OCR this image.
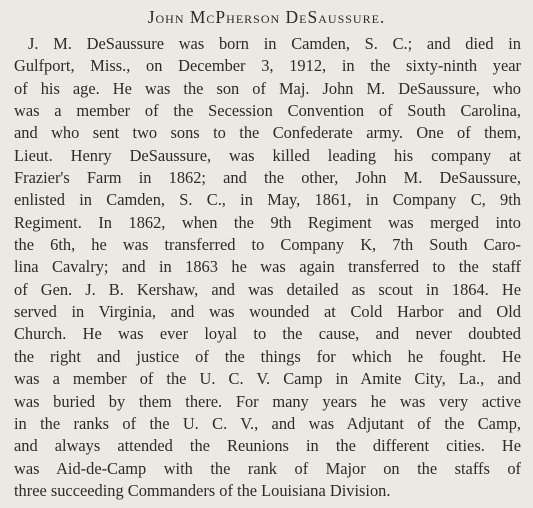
John McPherson DeSaussure.
J. M. DeSaussure was born in Camden, S. C.; and died in
Gulfport, Miss., on December 3, 1912, in the sixty-ninth year
of his age. He was the son of Maj. John M. DeSaussure, who
was a member of the Secession Convention of South Carolina,
and who sent two sons to the Confederate army. One of them,
Lieut. Henry DeSaussure, was killed leading his company at
Frazier's Farm in 1862; and the other, John M. DeSaussure,
enlisted in Camden, S. C., in May, 1861, in Company C, 9th
Regiment. In 1862, when the 9th Regiment was merged into
the 6th, he was transferred to Company K, 7th South Caro-
lina Cavalry; and in 1863 he was again transferred to the staff
of Gen. J. B. Kershaw, and was detailed as scout in 1864. He
served in Virginia, and was wounded at Cold Harbor and Old
Church. He was ever loyal to the cause, and never doubted
the right and justice of the things for which he fought. He
was a member of the U. C. V. Camp in Amite City, La., and
was buried by them there. For many years he was very active
in the ranks of the U. C. V., and was Adjutant of the Camp,
and always attended the Reunions in the different cities. He
was Aid-de-Camp with the rank of Major on the staffs of
three succeeding Commanders of the Louisiana Division.
